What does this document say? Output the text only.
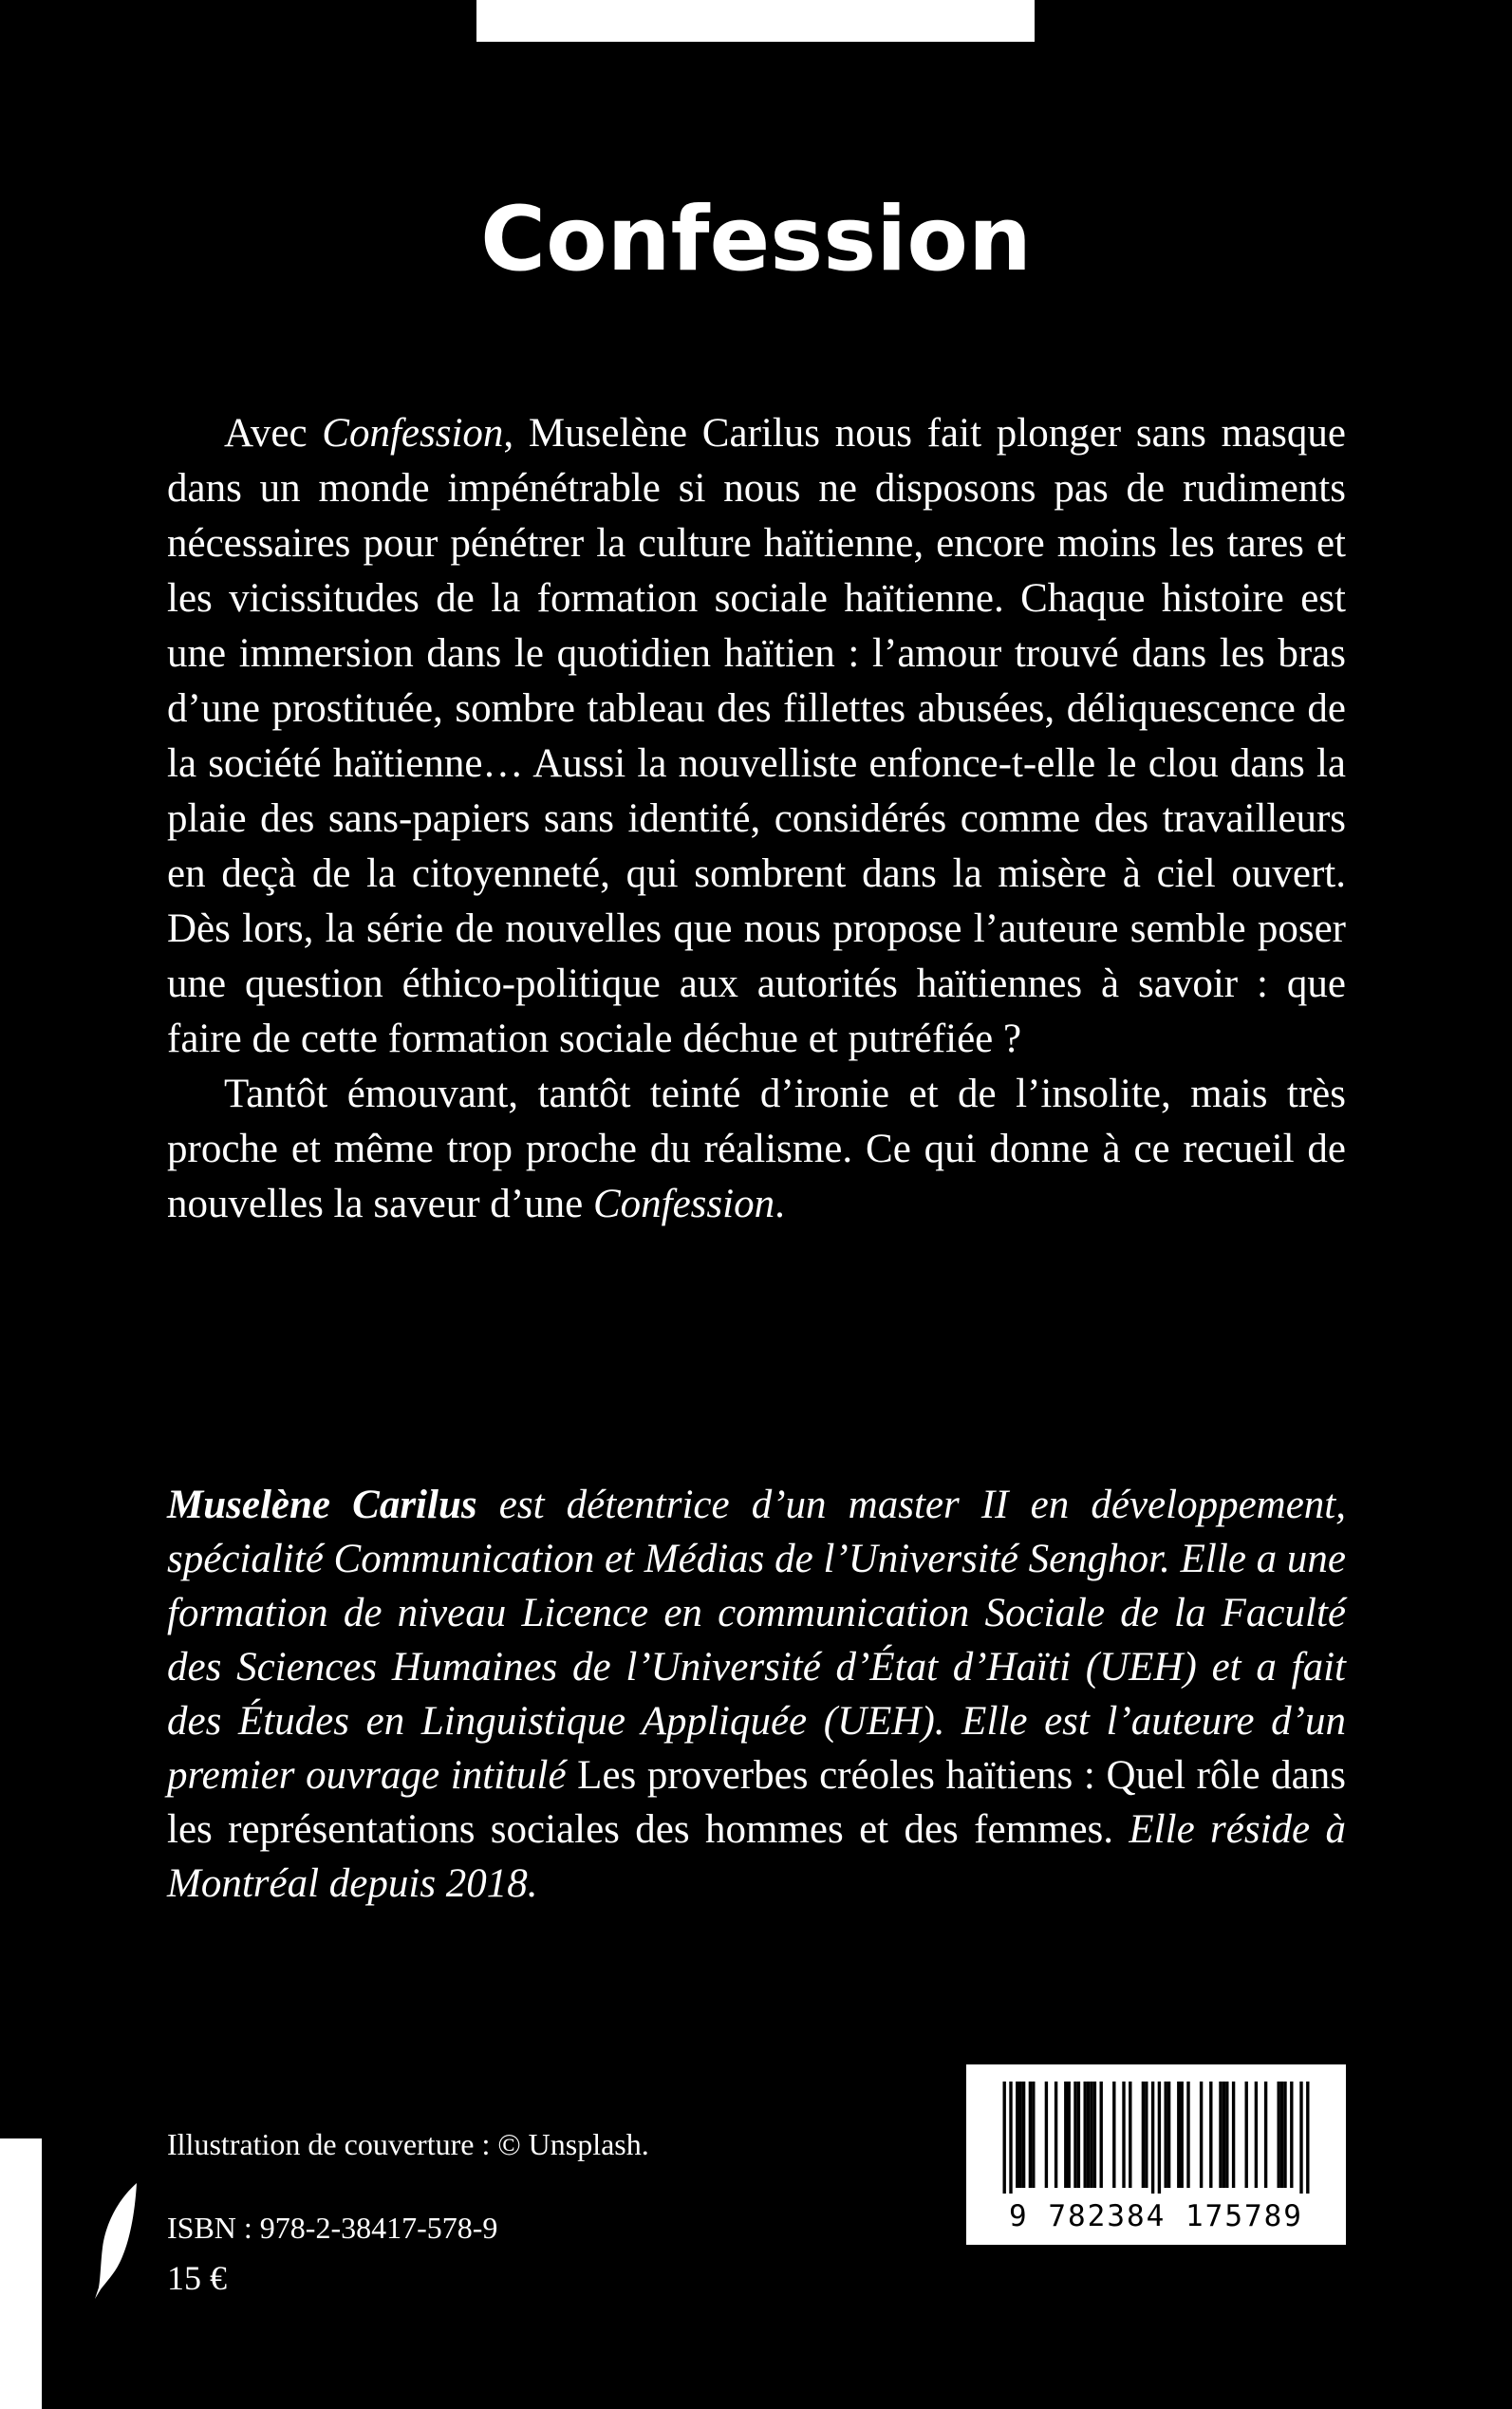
Confession

Avec Confession, Muselène Carilus nous fait plonger sans masque dans un monde impénétrable si nous ne disposons pas de rudiments nécessaires pour pénétrer la culture haïtienne, encore moins les tares et les vicissitudes de la formation sociale haïtienne. Chaque histoire est une immersion dans le quotidien haïtien : l’amour trouvé dans les bras d’une prostituée, sombre tableau des fillettes abusées, déliquescence de la société haïtienne… Aussi la nouvelliste enfonce-t-elle le clou dans la plaie des sans-papiers sans identité, considérés comme des travailleurs en deçà de la citoyenneté, qui sombrent dans la misère à ciel ouvert. Dès lors, la série de nouvelles que nous propose l’auteure semble poser une question éthico-politique aux autorités haïtiennes à savoir : que faire de cette formation sociale déchue et putréfiée ?

Tantôt émouvant, tantôt teinté d’ironie et de l’insolite, mais très proche et même trop proche du réalisme. Ce qui donne à ce recueil de nouvelles la saveur d’une Confession.

Muselène Carilus est détentrice d’un master II en développement, spécialité Communication et Médias de l’Université Senghor. Elle a une formation de niveau Licence en communication Sociale de la Faculté des Sciences Humaines de l’Université d’État d’Haïti (UEH) et a fait des Études en Linguistique Appliquée (UEH). Elle est l’auteure d’un premier ouvrage intitulé Les proverbes créoles haïtiens : Quel rôle dans les représentations sociales des hommes et des femmes. Elle réside à Montréal depuis 2018.

Illustration de couverture : © Unsplash.
ISBN : 978-2-38417-578-9
15 €
9 782384 175789
